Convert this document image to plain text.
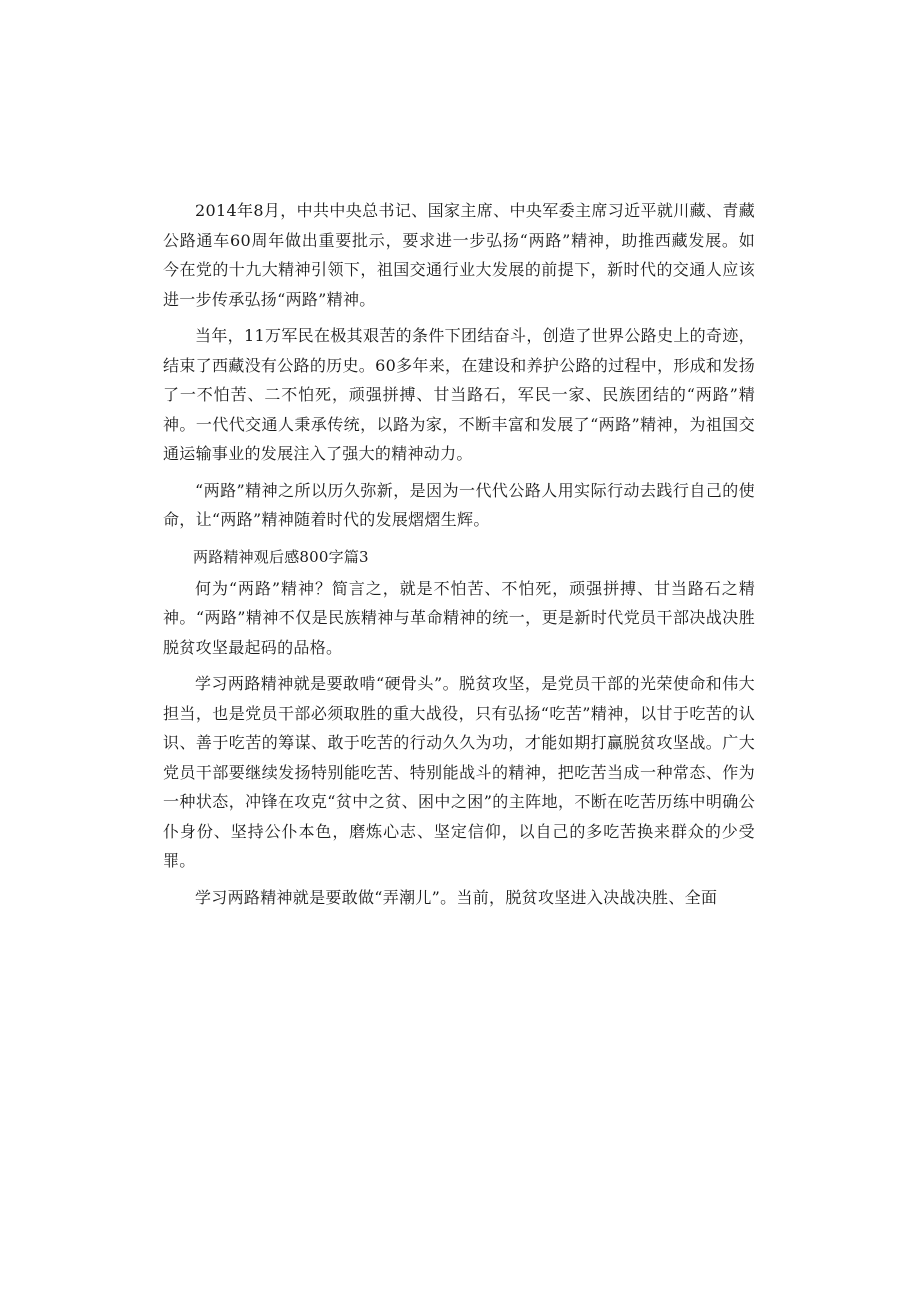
2014年8月，中共中央总书记、国家主席、中央军委主席习近平就川藏、青藏公路通车60周年做出重要批示，要求进一步弘扬“两路”精神，助推西藏发展。如今在党的十九大精神引领下，祖国交通行业大发展的前提下，新时代的交通人应该进一步传承弘扬“两路”精神。

当年，11万军民在极其艰苦的条件下团结奋斗，创造了世界公路史上的奇迹，结束了西藏没有公路的历史。60多年来，在建设和养护公路的过程中，形成和发扬了一不怕苦、二不怕死，顽强拼搏、甘当路石，军民一家、民族团结的“两路”精神。一代代交通人秉承传统，以路为家，不断丰富和发展了“两路”精神，为祖国交通运输事业的发展注入了强大的精神动力。

“两路”精神之所以历久弥新，是因为一代代公路人用实际行动去践行自己的使命，让“两路”精神随着时代的发展熠熠生辉。

两路精神观后感800字篇3

何为“两路”精神？简言之，就是不怕苦、不怕死，顽强拼搏、甘当路石之精神。“两路”精神不仅是民族精神与革命精神的统一，更是新时代党员干部决战决胜脱贫攻坚最起码的品格。

学习两路精神就是要敢啃“硬骨头”。脱贫攻坚，是党员干部的光荣使命和伟大担当，也是党员干部必须取胜的重大战役，只有弘扬“吃苦”精神，以甘于吃苦的认识、善于吃苦的筹谋、敢于吃苦的行动久久为功，才能如期打赢脱贫攻坚战。广大党员干部要继续发扬特别能吃苦、特别能战斗的精神，把吃苦当成一种常态、作为一种状态，冲锋在攻克“贫中之贫、困中之困”的主阵地，不断在吃苦历练中明确公仆身份、坚持公仆本色，磨炼心志、坚定信仰，以自己的多吃苦换来群众的少受罪。

学习两路精神就是要敢做“弄潮儿”。当前，脱贫攻坚进入决战决胜、全面
